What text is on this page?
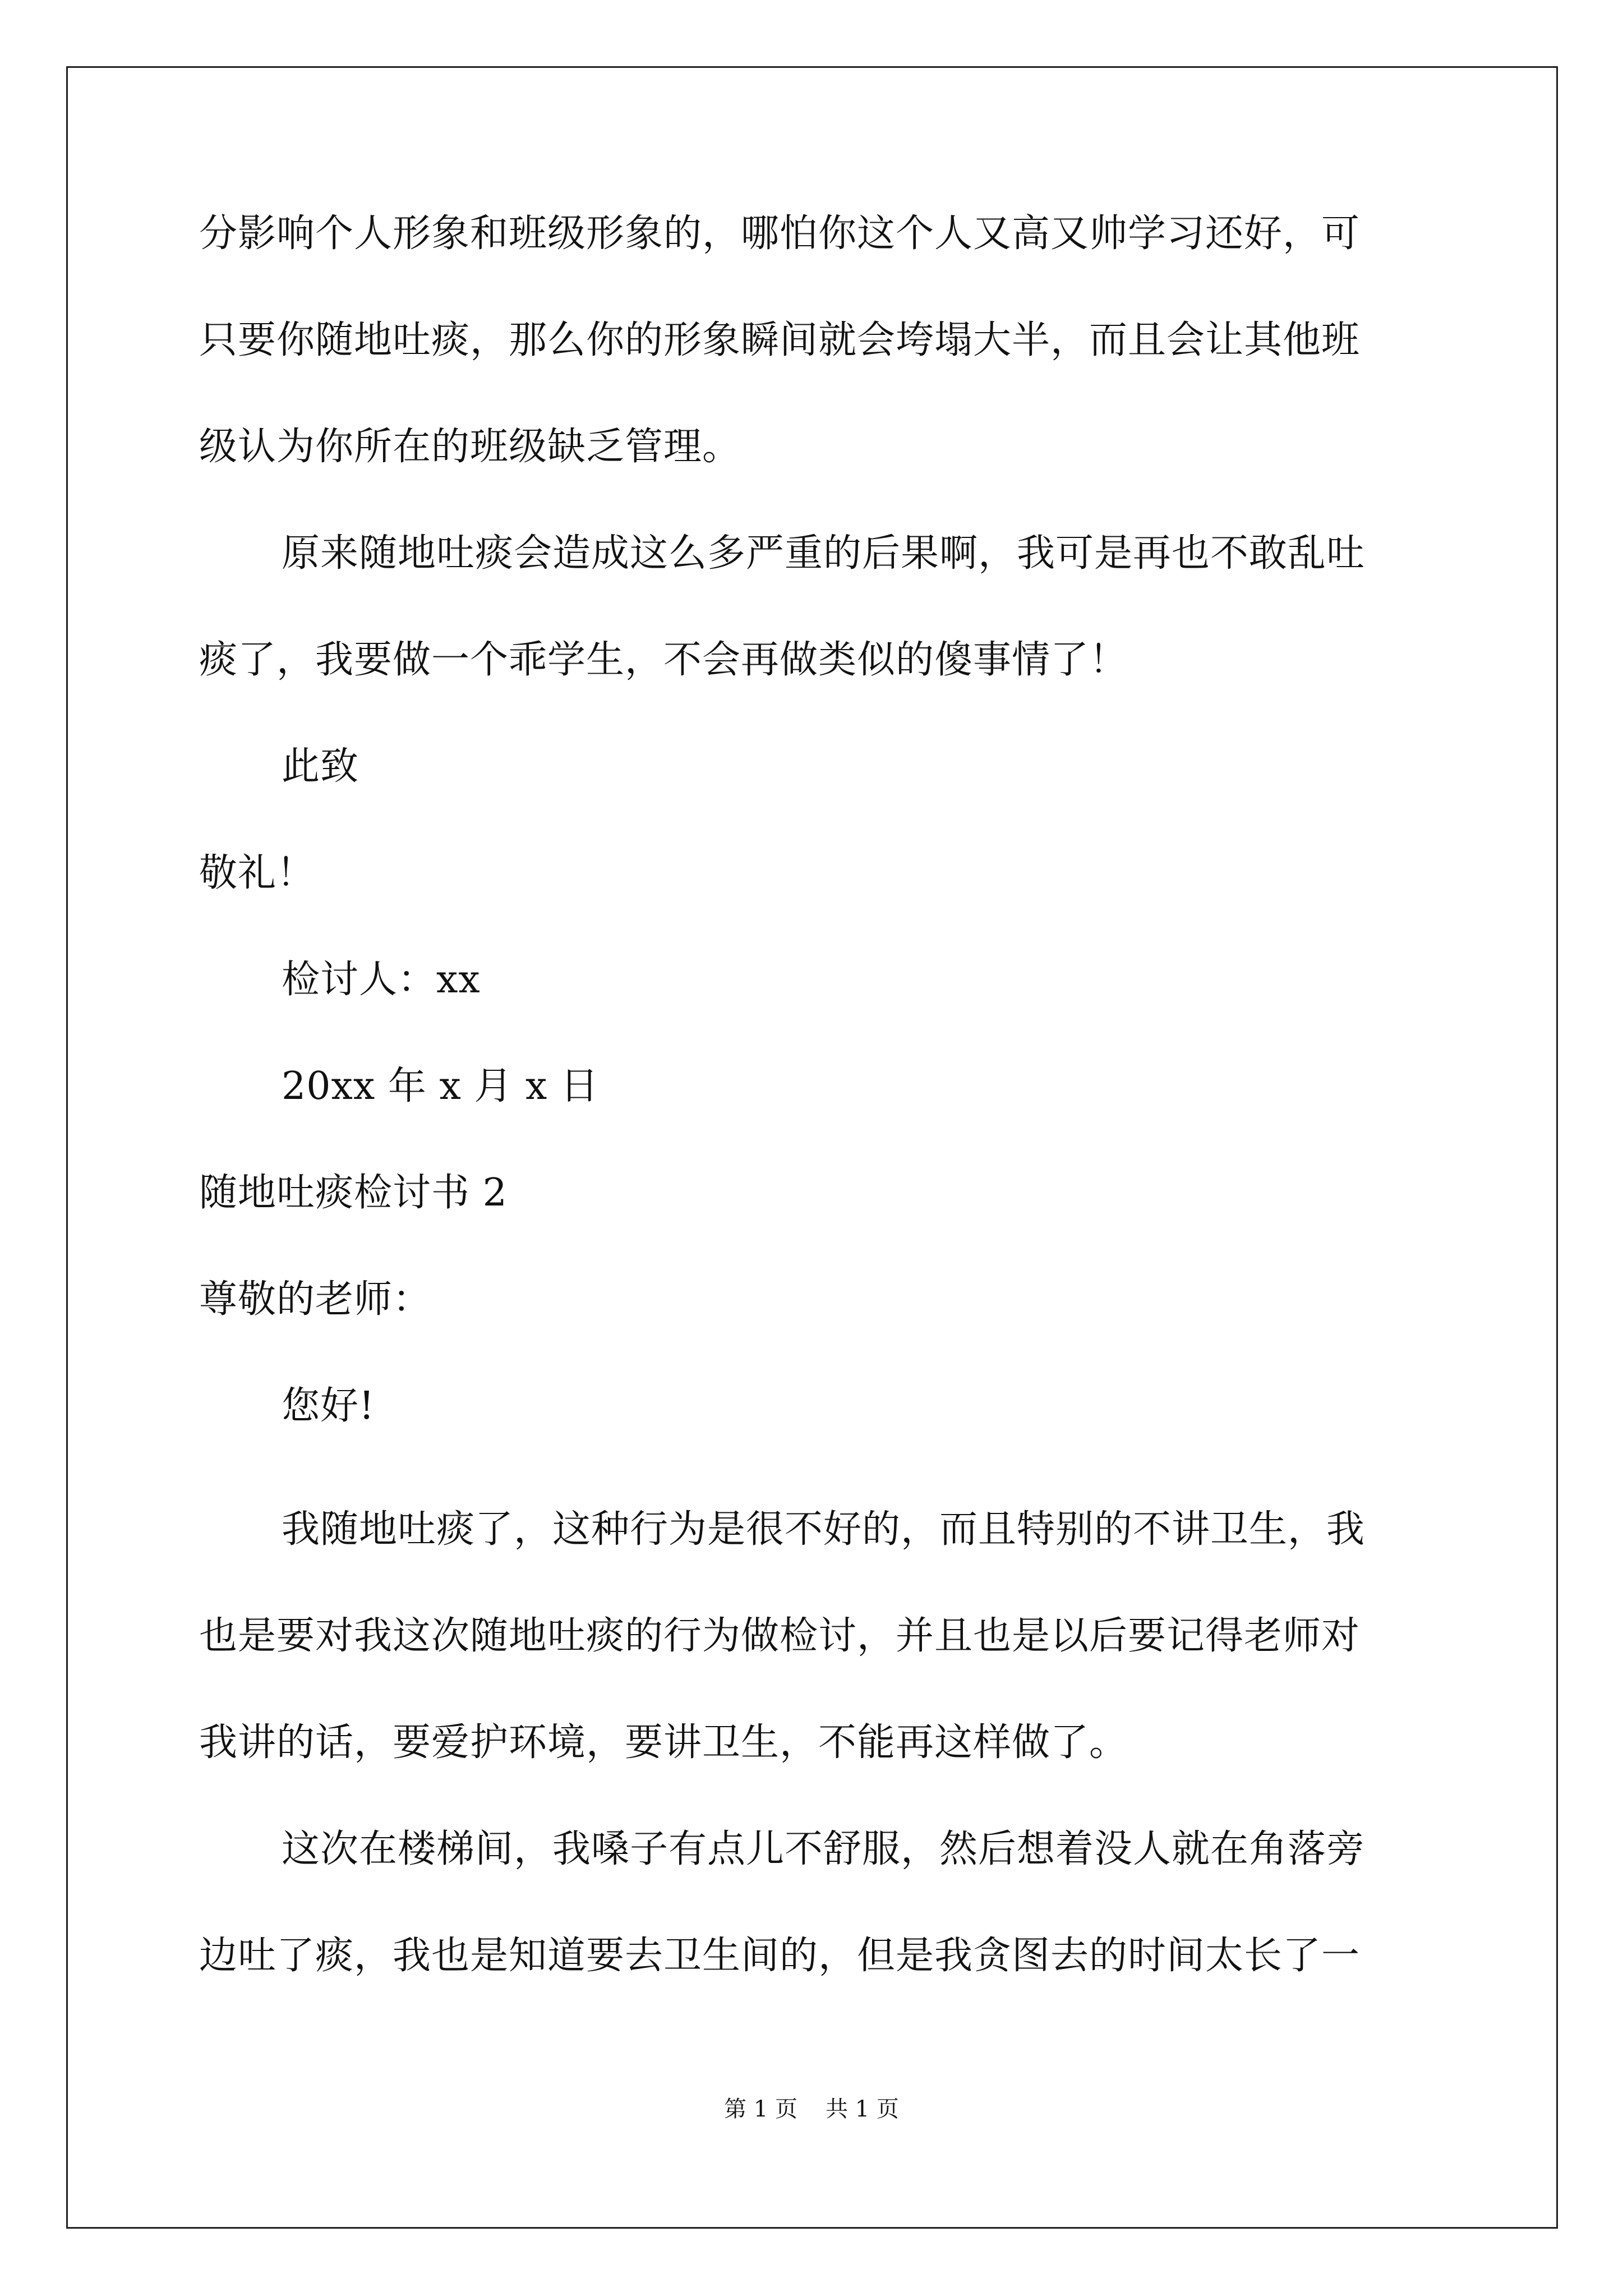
分影响个人形象和班级形象的，哪怕你这个人又高又帅学习还好，可
只要你随地吐痰，那么你的形象瞬间就会垮塌大半，而且会让其他班
级认为你所在的班级缺乏管理。
原来随地吐痰会造成这么多严重的后果啊，我可是再也不敢乱吐
痰了，我要做一个乖学生，不会再做类似的傻事情了！
此致
敬礼！
检讨人：xx
20xx 年 x 月 x 日
随地吐痰检讨书 2
尊敬的老师：
您好!
我随地吐痰了，这种行为是很不好的，而且特别的不讲卫生，我
也是要对我这次随地吐痰的行为做检讨，并且也是以后要记得老师对
我讲的话，要爱护环境，要讲卫生，不能再这样做了。
这次在楼梯间，我嗓子有点儿不舒服，然后想着没人就在角落旁
边吐了痰，我也是知道要去卫生间的，但是我贪图去的时间太长了一
第 1 页 共 1 页
